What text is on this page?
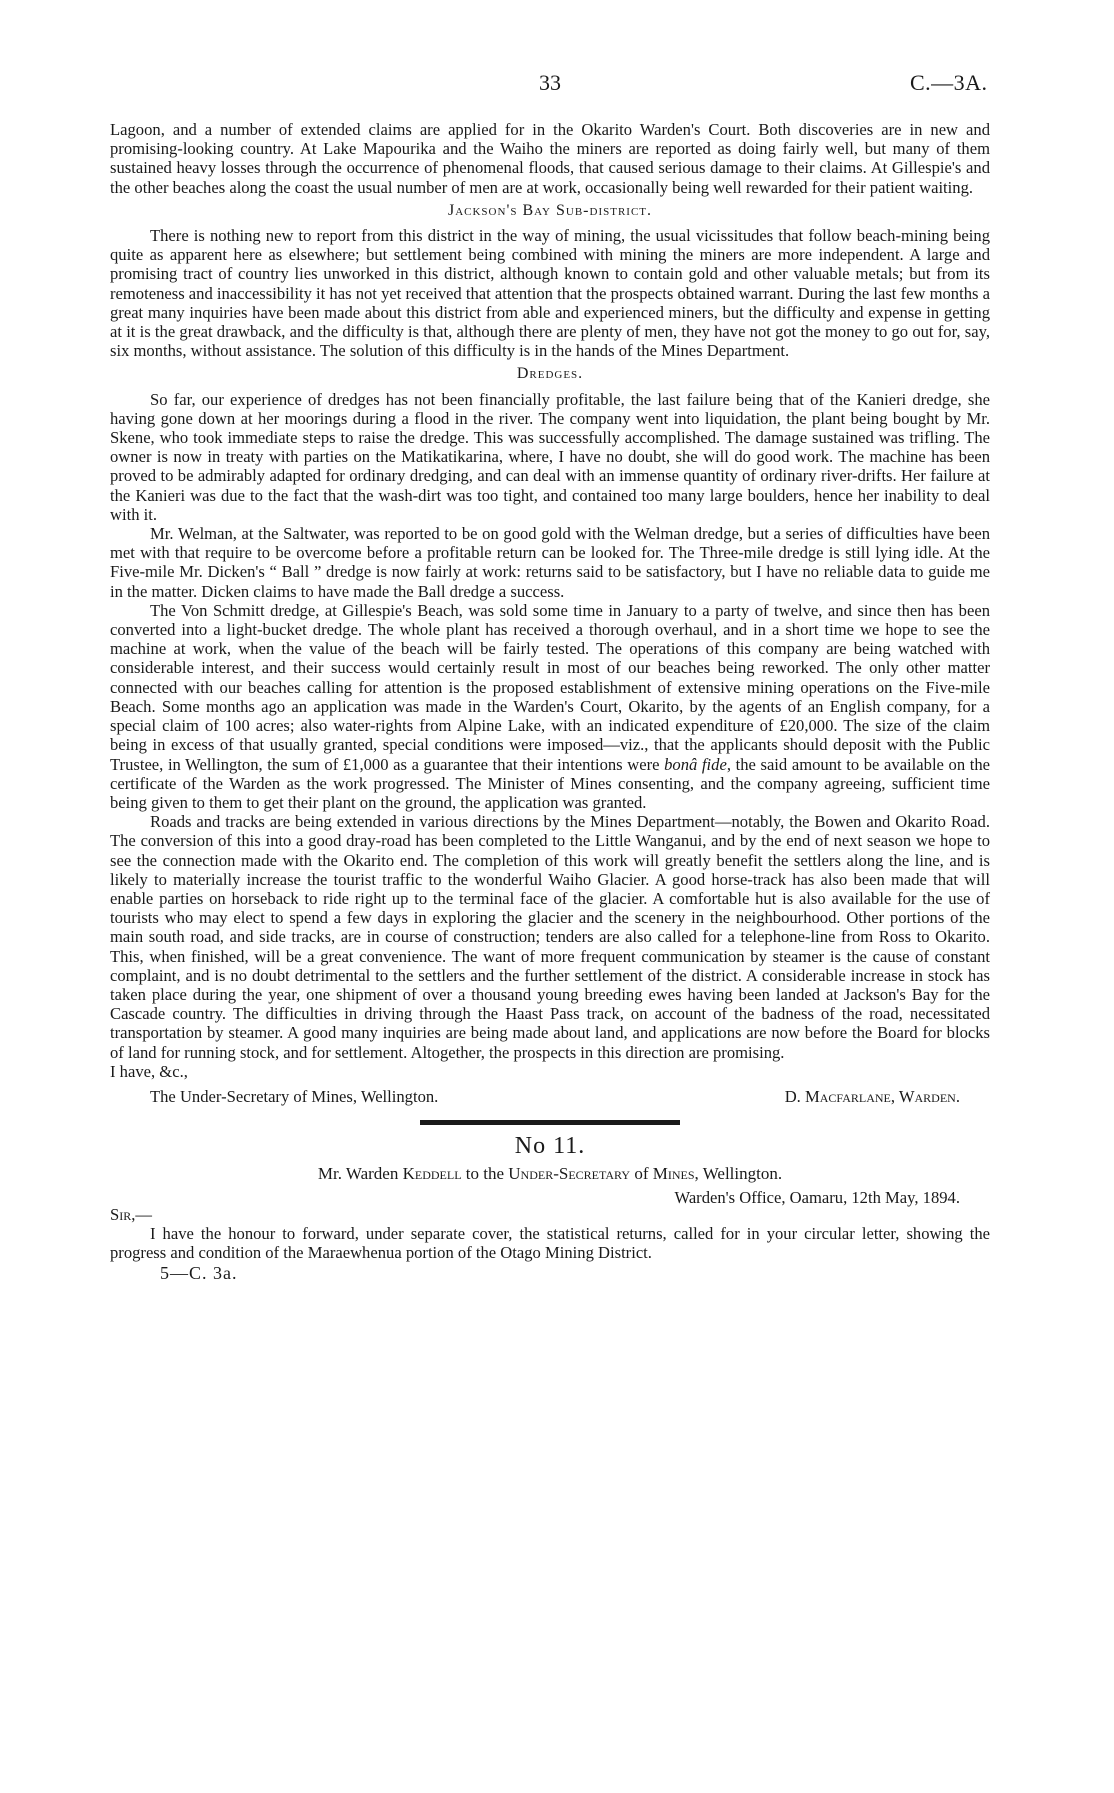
33	C.—3A.

Lagoon, and a number of extended claims are applied for in the Okarito Warden's Court. Both discoveries are in new and promising-looking country. At Lake Mapourika and the Waiho the miners are reported as doing fairly well, but many of them sustained heavy losses through the occurrence of phenomenal floods, that caused serious damage to their claims. At Gillespie's and the other beaches along the coast the usual number of men are at work, occasionally being well rewarded for their patient waiting.

Jackson's Bay Sub-district.

There is nothing new to report from this district in the way of mining, the usual vicissitudes that follow beach-mining being quite as apparent here as elsewhere; but settlement being combined with mining the miners are more independent. A large and promising tract of country lies unworked in this district, although known to contain gold and other valuable metals; but from its remoteness and inaccessibility it has not yet received that attention that the prospects obtained warrant. During the last few months a great many inquiries have been made about this district from able and experienced miners, but the difficulty and expense in getting at it is the great drawback, and the difficulty is that, although there are plenty of men, they have not got the money to go out for, say, six months, without assistance. The solution of this difficulty is in the hands of the Mines Department.

Dredges.

So far, our experience of dredges has not been financially profitable, the last failure being that of the Kanieri dredge, she having gone down at her moorings during a flood in the river. The company went into liquidation, the plant being bought by Mr. Skene, who took immediate steps to raise the dredge. This was successfully accomplished. The damage sustained was trifling. The owner is now in treaty with parties on the Matikatikarina, where, I have no doubt, she will do good work. The machine has been proved to be admirably adapted for ordinary dredging, and can deal with an immense quantity of ordinary river-drifts. Her failure at the Kanieri was due to the fact that the wash-dirt was too tight, and contained too many large boulders, hence her inability to deal with it.

Mr. Welman, at the Saltwater, was reported to be on good gold with the Welman dredge, but a series of difficulties have been met with that require to be overcome before a profitable return can be looked for. The Three-mile dredge is still lying idle. At the Five-mile Mr. Dicken's “ Ball ” dredge is now fairly at work: returns said to be satisfactory, but I have no reliable data to guide me in the matter. Dicken claims to have made the Ball dredge a success.

The Von Schmitt dredge, at Gillespie's Beach, was sold some time in January to a party of twelve, and since then has been converted into a light-bucket dredge. The whole plant has received a thorough overhaul, and in a short time we hope to see the machine at work, when the value of the beach will be fairly tested. The operations of this company are being watched with considerable interest, and their success would certainly result in most of our beaches being reworked. The only other matter connected with our beaches calling for attention is the proposed establishment of extensive mining operations on the Five-mile Beach. Some months ago an application was made in the Warden's Court, Okarito, by the agents of an English company, for a special claim of 100 acres; also water-rights from Alpine Lake, with an indicated expenditure of £20,000. The size of the claim being in excess of that usually granted, special conditions were imposed—viz., that the applicants should deposit with the Public Trustee, in Wellington, the sum of £1,000 as a guarantee that their intentions were bonâ fide, the said amount to be available on the certificate of the Warden as the work progressed. The Minister of Mines consenting, and the company agreeing, sufficient time being given to them to get their plant on the ground, the application was granted.

Roads and tracks are being extended in various directions by the Mines Department—notably, the Bowen and Okarito Road. The conversion of this into a good dray-road has been completed to the Little Wanganui, and by the end of next season we hope to see the connection made with the Okarito end. The completion of this work will greatly benefit the settlers along the line, and is likely to materially increase the tourist traffic to the wonderful Waiho Glacier. A good horse-track has also been made that will enable parties on horseback to ride right up to the terminal face of the glacier. A comfortable hut is also available for the use of tourists who may elect to spend a few days in exploring the glacier and the scenery in the neighbourhood. Other portions of the main south road, and side tracks, are in course of construction; tenders are also called for a telephone-line from Ross to Okarito. This, when finished, will be a great convenience. The want of more frequent communication by steamer is the cause of constant complaint, and is no doubt detrimental to the settlers and the further settlement of the district. A considerable increase in stock has taken place during the year, one shipment of over a thousand young breeding ewes having been landed at Jackson's Bay for the Cascade country. The difficulties in driving through the Haast Pass track, on account of the badness of the road, necessitated transportation by steamer. A good many inquiries are being made about land, and applications are now before the Board for blocks of land for running stock, and for settlement. Altogether, the prospects in this direction are promising.

I have, &c.,

The Under-Secretary of Mines, Wellington.	D. Macfarlane, Warden.
No 11.
Mr. Warden Keddell to the Under-Secretary of Mines, Wellington.
Warden's Office, Oamaru, 12th May, 1894.
Sir,—

I have the honour to forward, under separate cover, the statistical returns, called for in your circular letter, showing the progress and condition of the Maraewhenua portion of the Otago Mining District.

5—C. 3a.
